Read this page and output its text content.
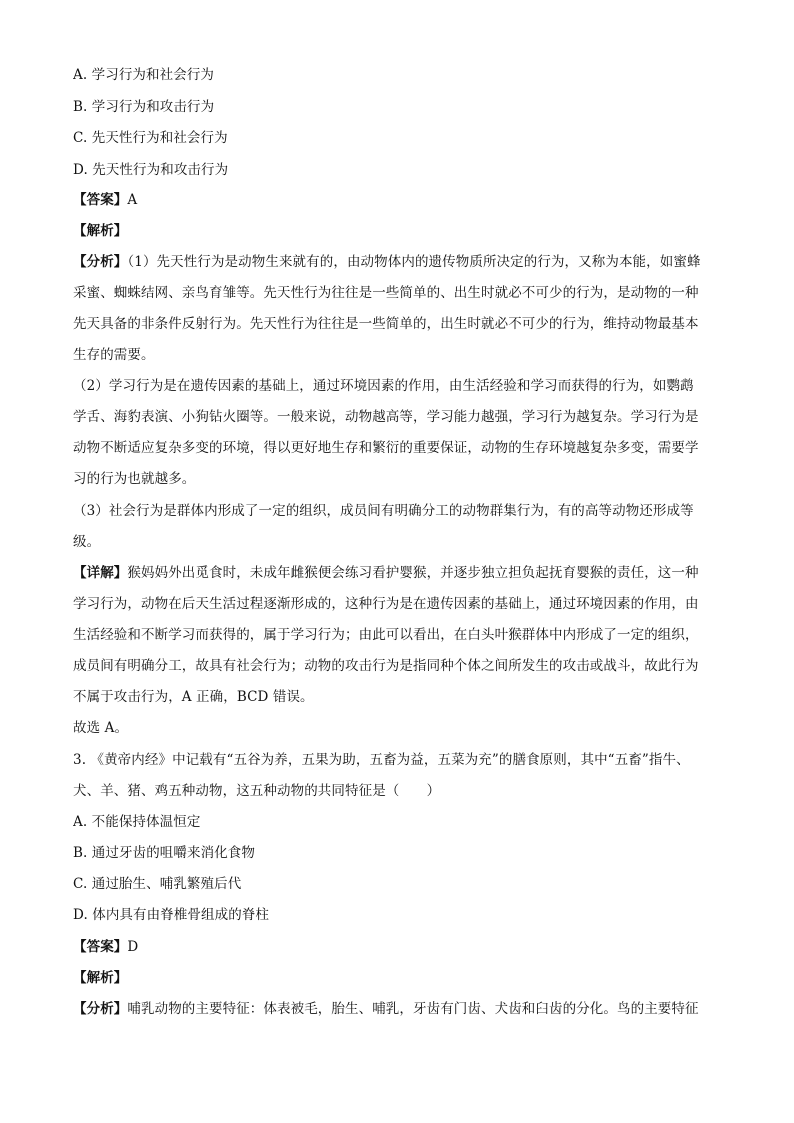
A. 学习行为和社会行为
B. 学习行为和攻击行为
C. 先天性行为和社会行为
D. 先天性行为和攻击行为
【答案】A
【解析】
【分析】（1）先天性行为是动物生来就有的，由动物体内的遗传物质所决定的行为，又称为本能，如蜜蜂
采蜜、蜘蛛结网、亲鸟育雏等。先天性行为往往是一些简单的、出生时就必不可少的行为，是动物的一种
先天具备的非条件反射行为。先天性行为往往是一些简单的，出生时就必不可少的行为，维持动物最基本
生存的需要。
（2）学习行为是在遗传因素的基础上，通过环境因素的作用，由生活经验和学习而获得的行为，如鹦鹉
学舌、海豹表演、小狗钻火圈等。一般来说，动物越高等，学习能力越强，学习行为越复杂。学习行为是
动物不断适应复杂多变的环境，得以更好地生存和繁衍的重要保证，动物的生存环境越复杂多变，需要学
习的行为也就越多。
（3）社会行为是群体内形成了一定的组织，成员间有明确分工的动物群集行为，有的高等动物还形成等
级。
【详解】猴妈妈外出觅食时，未成年雌猴便会练习看护婴猴，并逐步独立担负起抚育婴猴的责任，这一种
学习行为，动物在后天生活过程逐渐形成的，这种行为是在遗传因素的基础上，通过环境因素的作用，由
生活经验和不断学习而获得的，属于学习行为；由此可以看出，在白头叶猴群体中内形成了一定的组织，
成员间有明确分工，故具有社会行为；动物的攻击行为是指同种个体之间所发生的攻击或战斗，故此行为
不属于攻击行为，A 正确，BCD 错误。
故选 A。
3. 《黄帝内经》中记载有“五谷为养，五果为助，五畜为益，五菜为充”的膳食原则，其中“五畜”指牛、
犬、羊、猪、鸡五种动物，这五种动物的共同特征是（　　）
A. 不能保持体温恒定
B. 通过牙齿的咀嚼来消化食物
C. 通过胎生、哺乳繁殖后代
D. 体内具有由脊椎骨组成的脊柱
【答案】D
【解析】
【分析】哺乳动物的主要特征：体表被毛，胎生、哺乳，牙齿有门齿、犬齿和臼齿的分化。鸟的主要特征
